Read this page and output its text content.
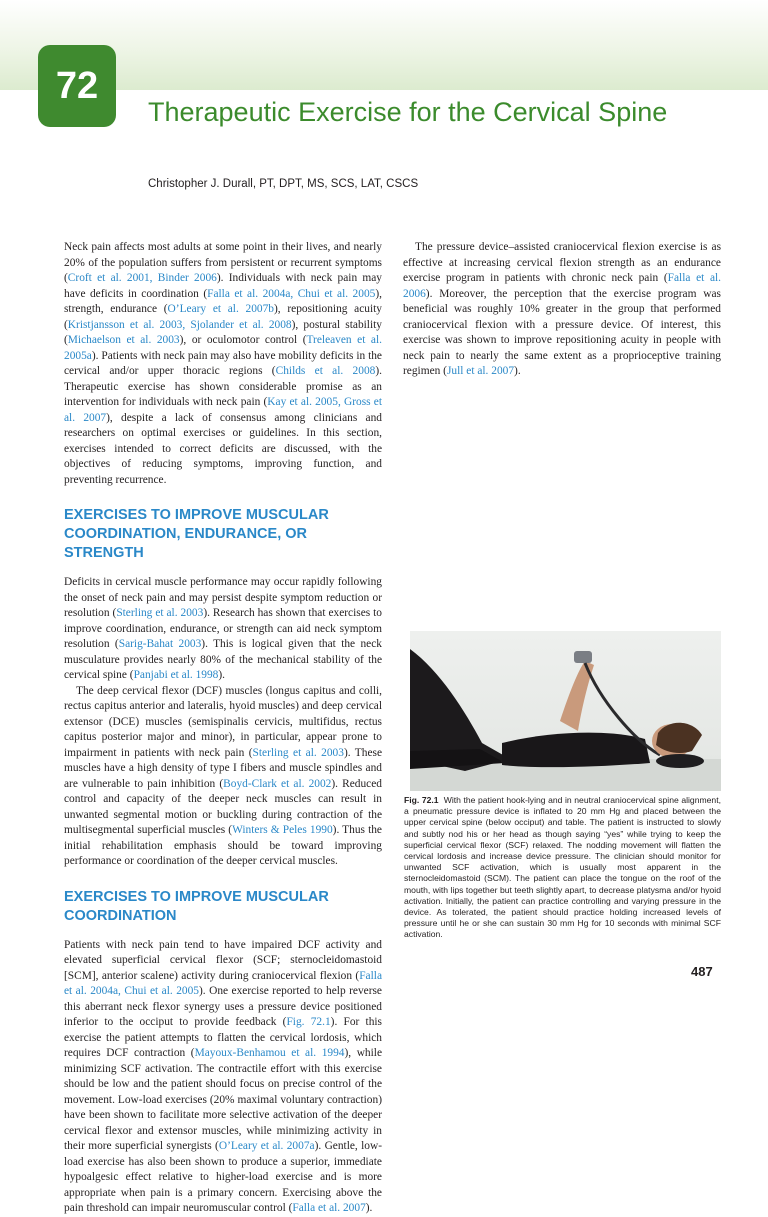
72
Therapeutic Exercise for the Cervical Spine

Christopher J. Durall, PT, DPT, MS, SCS, LAT, CSCS

Neck pain affects most adults at some point in their lives, and nearly 20% of the population suffers from persistent or recurrent symptoms (Croft et al. 2001, Binder 2006). Individuals with neck pain may have deficits in coordination (Falla et al. 2004a, Chui et al. 2005), strength, endurance (O’Leary et al. 2007b), repositioning acuity (Kristjansson et al. 2003, Sjolander et al. 2008), postural stability (Michaelson et al. 2003), or oculomotor control (Treleaven et al. 2005a). Patients with neck pain may also have mobility deficits in the cervical and/or upper thoracic regions (Childs et al. 2008). Therapeutic exercise has shown considerable promise as an intervention for individuals with neck pain (Kay et al. 2005, Gross et al. 2007), despite a lack of consensus among clinicians and researchers on optimal exercises or guidelines. In this section, exercises intended to correct deficits are discussed, with the objectives of reducing symptoms, improving function, and preventing recurrence.

EXERCISES TO IMPROVE MUSCULAR COORDINATION, ENDURANCE, OR STRENGTH

Deficits in cervical muscle performance may occur rapidly following the onset of neck pain and may persist despite symptom reduction or resolution (Sterling et al. 2003). Research has shown that exercises to improve coordination, endurance, or strength can aid neck symptom resolution (Sarig-Bahat 2003). This is logical given that the neck musculature provides nearly 80% of the mechanical stability of the cervical spine (Panjabi et al. 1998).

The deep cervical flexor (DCF) muscles (longus capitus and colli, rectus capitus anterior and lateralis, hyoid muscles) and deep cervical extensor (DCE) muscles (semispinalis cervicis, multifidus, rectus capitus posterior major and minor), in particular, appear prone to impairment in patients with neck pain (Sterling et al. 2003). These muscles have a high density of type I fibers and muscle spindles and are vulnerable to pain inhibition (Boyd-Clark et al. 2002). Reduced control and capacity of the deeper neck muscles can result in unwanted segmental motion or buckling during contraction of the multisegmental superficial muscles (Winters & Peles 1990). Thus the initial rehabilitation emphasis should be toward improving performance or coordination of the deeper cervical muscles.

EXERCISES TO IMPROVE MUSCULAR COORDINATION

Patients with neck pain tend to have impaired DCF activity and elevated superficial cervical flexor (SCF; sternocleidomastoid [SCM], anterior scalene) activity during craniocervical flexion (Falla et al. 2004a, Chui et al. 2005). One exercise reported to help reverse this aberrant neck flexor synergy uses a pressure device positioned inferior to the occiput to provide feedback (Fig. 72.1). For this exercise the patient attempts to flatten the cervical lordosis, which requires DCF contraction (Mayoux-Benhamou et al. 1994), while minimizing SCF activation. The contractile effort with this exercise should be low and the patient should focus on precise control of the movement. Low-load exercises (20% maximal voluntary contraction) have been shown to facilitate more selective activation of the deeper cervical flexor and extensor muscles, while minimizing activity in their more superficial synergists (O’Leary et al. 2007a). Gentle, low-load exercise has also been shown to produce a superior, immediate hypoalgesic effect relative to higher-load exercise and is more appropriate when pain is a primary concern. Exercising above the pain threshold can impair neuromuscular control (Falla et al. 2007).

The pressure device–assisted craniocervical flexion exercise is as effective at increasing cervical flexion strength as an endurance exercise program in patients with chronic neck pain (Falla et al. 2006). Moreover, the perception that the exercise program was beneficial was roughly 10% greater in the group that performed craniocervical flexion with a pressure device. Of interest, this exercise was shown to improve repositioning acuity in people with neck pain to nearly the same extent as a proprioceptive training regimen (Jull et al. 2007).

Fig. 72.1 With the patient hook-lying and in neutral craniocervical spine alignment, a pneumatic pressure device is inflated to 20 mm Hg and placed between the upper cervical spine (below occiput) and table. The patient is instructed to slowly and subtly nod his or her head as though saying “yes” while trying to keep the superficial cervical flexor (SCF) relaxed. The nodding movement will flatten the cervical lordosis and increase device pressure. The clinician should monitor for unwanted SCF activation, which is usually most apparent in the sternocleidomastoid (SCM). The patient can place the tongue on the roof of the mouth, with lips together but teeth slightly apart, to decrease platysma and/or hyoid activation. Initially, the patient can practice controlling and varying pressure in the device. As tolerated, the patient should practice holding increased levels of pressure until he or she can sustain 30 mm Hg for 10 seconds with minimal SCF activation.
487
